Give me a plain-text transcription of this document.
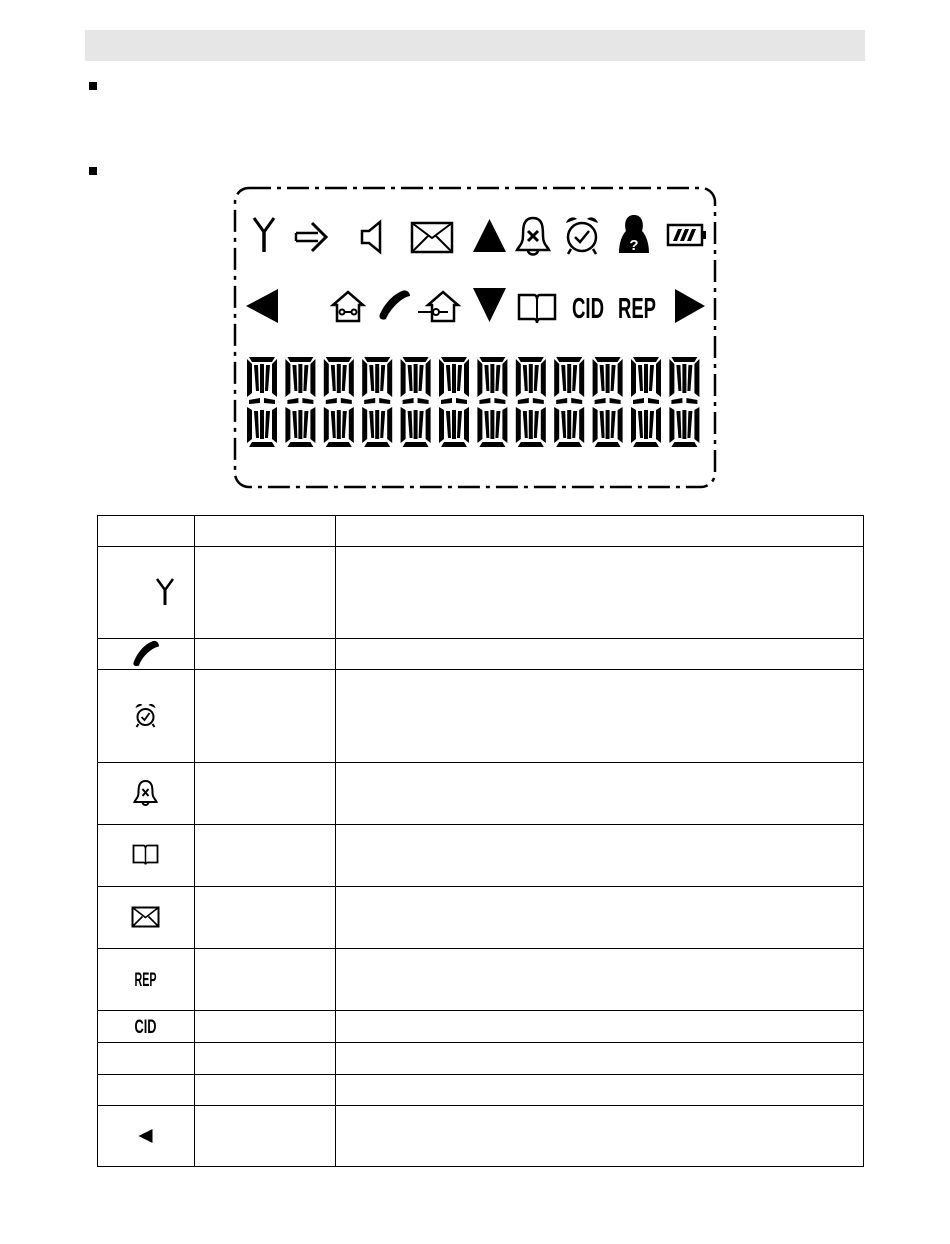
?
CID REP
REP
CID
